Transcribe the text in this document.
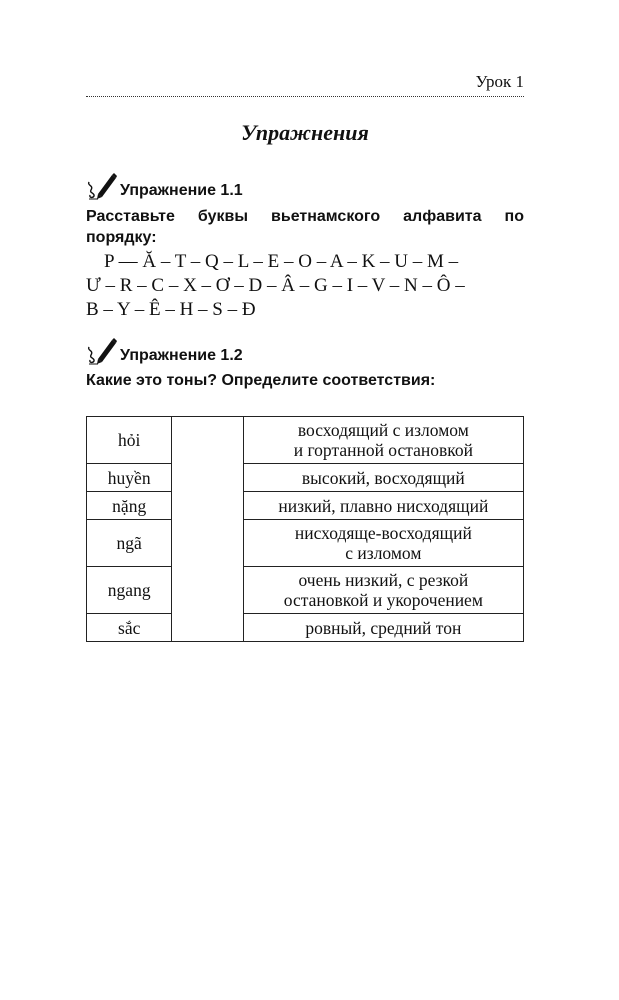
Урок 1
Упражнения
Упражнение 1.1
Расставьте буквы вьетнамского алфавита по порядку:
P — Ă – T – Q – L – E – O – A – K – U – M –
Ư – R – C – X – Ơ – D – Â – G – I – V – N – Ô –
B – Y – Ê – H – S – Đ
Упражнение 1.2
Какие это тоны? Определите соответствия:
hỏi		восходящий с изломом
и гортанной остановкой

huyền		высокий, восходящий

nặng		низкий, плавно нисходящий

ngã		нисходяще-восходящий
с изломом

ngang		очень низкий, с резкой
остановкой и укорочением

sắc		ровный, средний тон
